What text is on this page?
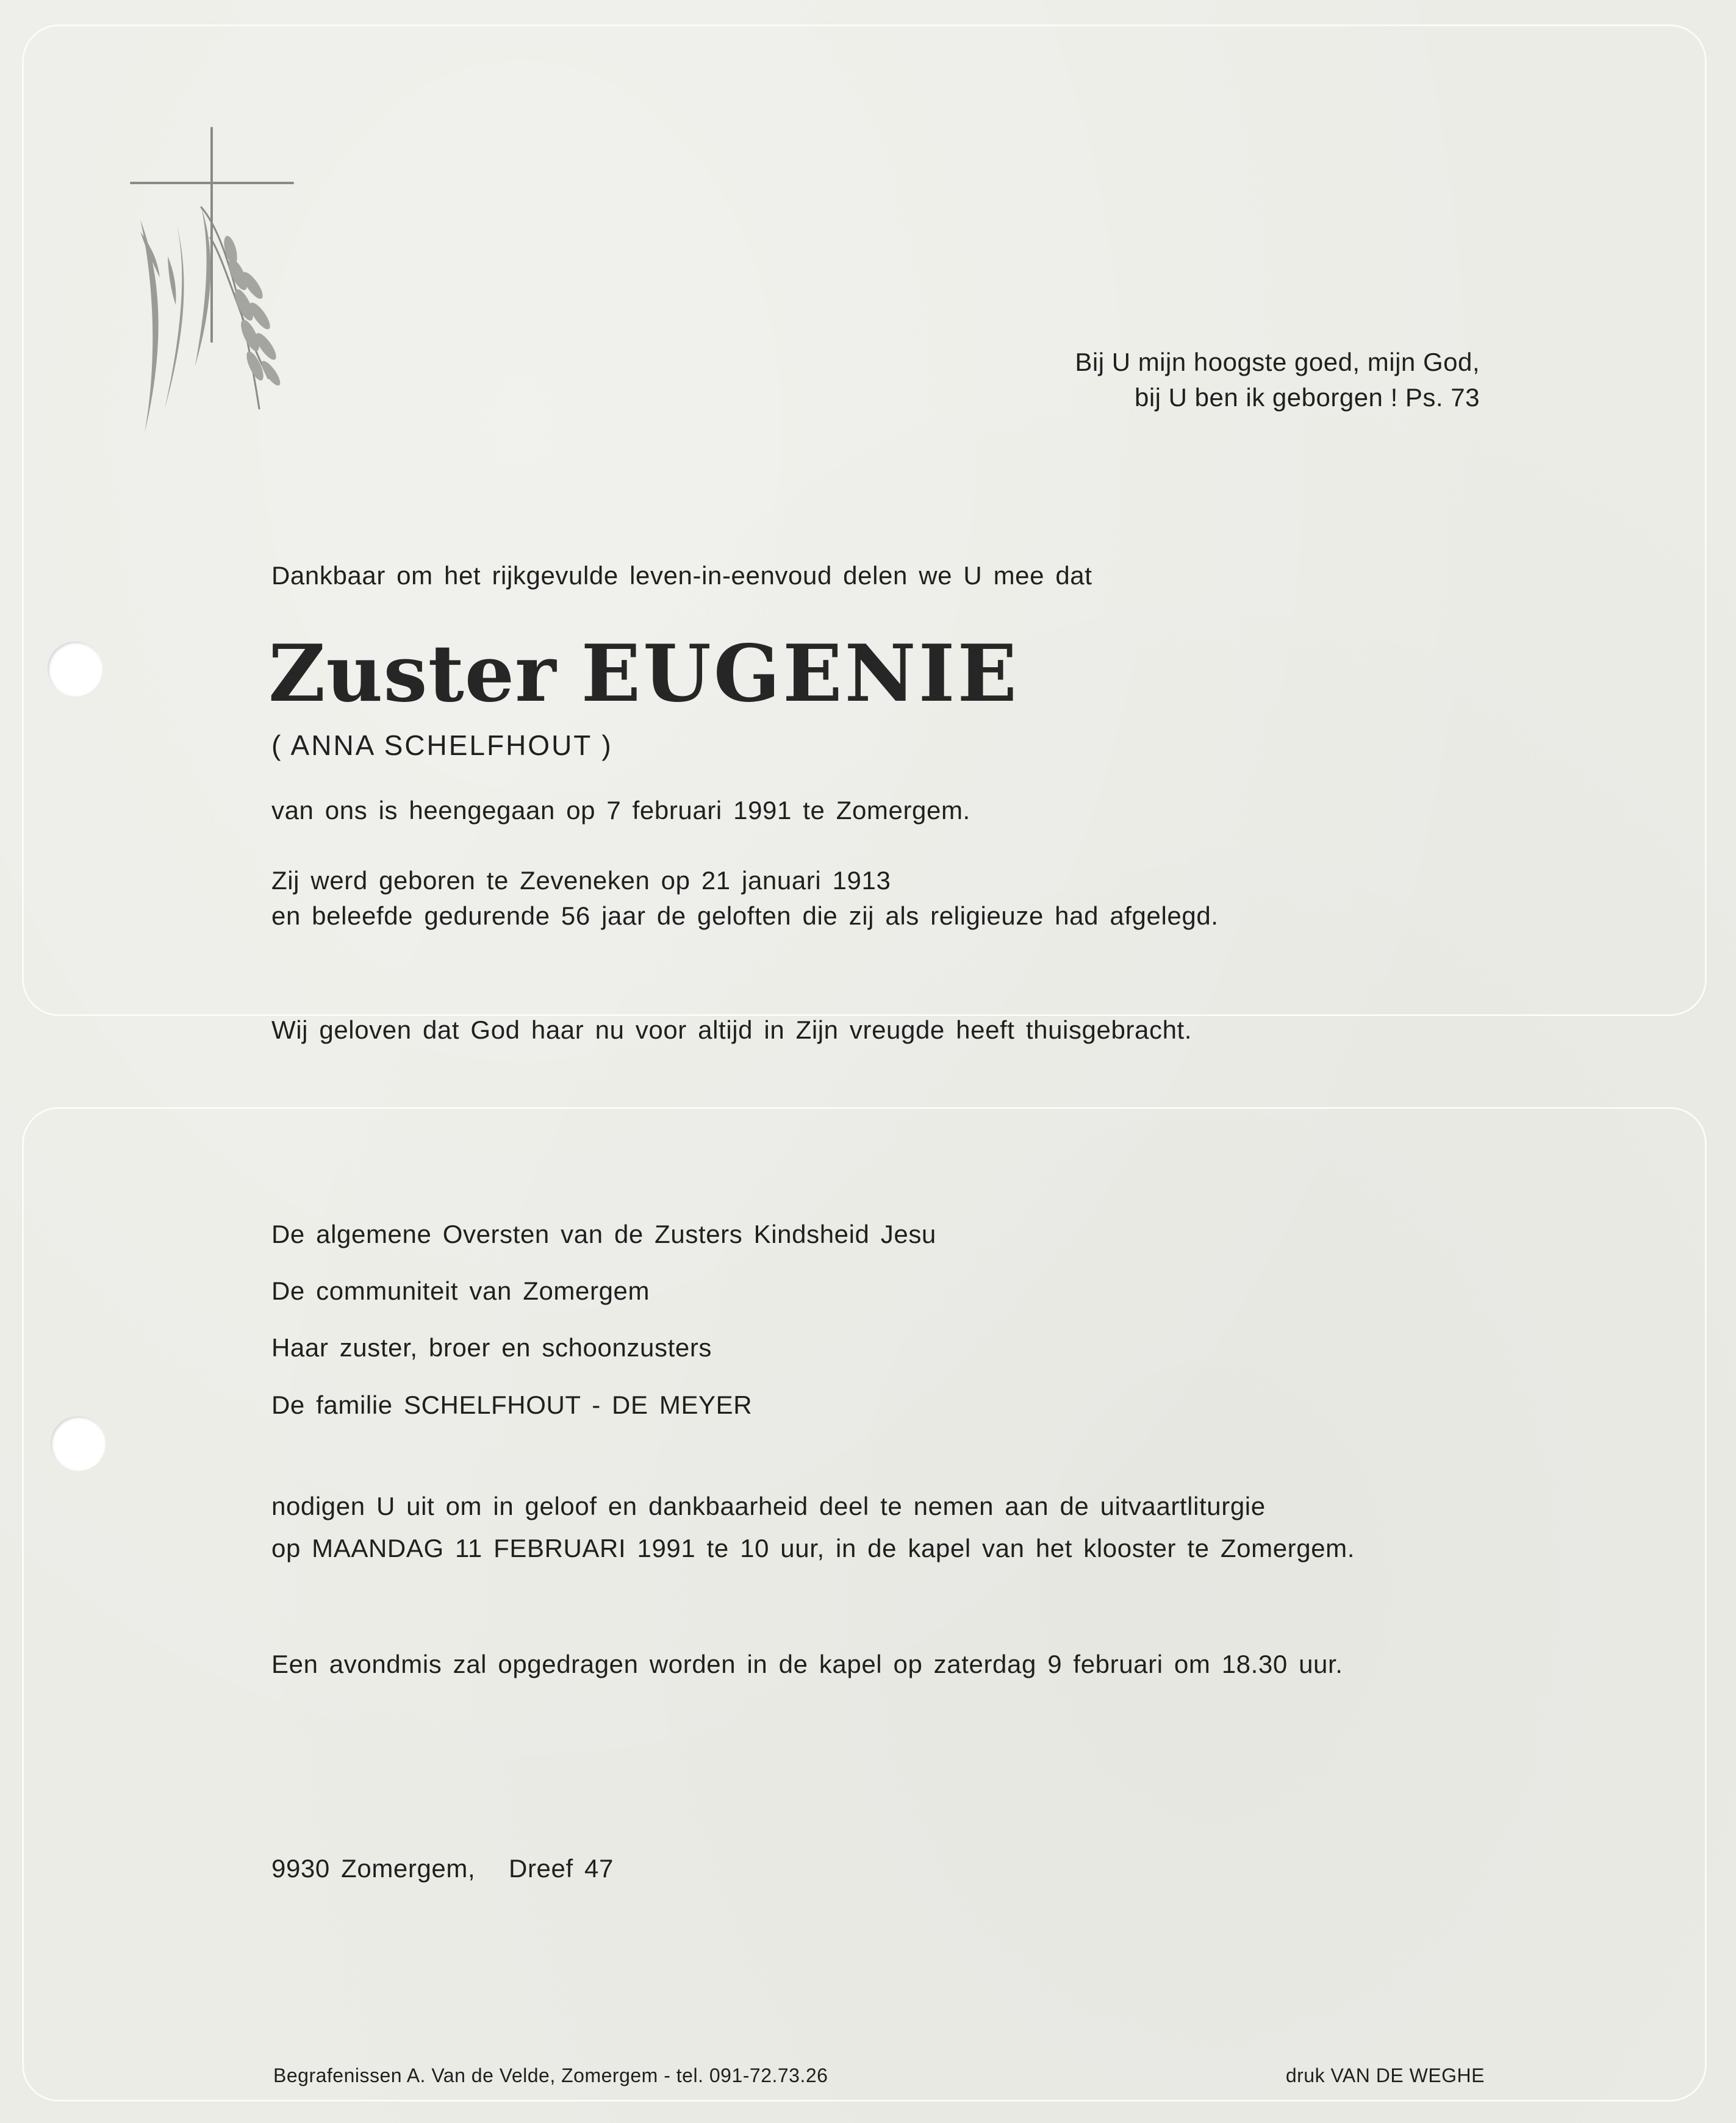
Bij U mijn hoogste goed, mijn God,

bij U ben ik geborgen ! Ps. 73

Dankbaar om het rijkgevulde leven-in-eenvoud delen we U mee dat

Zuster EUGENIE

( ANNA SCHELFHOUT )

van ons is heengegaan op 7 februari 1991 te Zomergem.

Zij werd geboren te Zeveneken op 21 januari 1913

en beleefde gedurende 56 jaar de geloften die zij als religieuze had afgelegd.

Wij geloven dat God haar nu voor altijd in Zijn vreugde heeft thuisgebracht.

De algemene Oversten van de Zusters Kindsheid Jesu

De communiteit van Zomergem

Haar zuster, broer en schoonzusters

De familie SCHELFHOUT - DE MEYER

nodigen U uit om in geloof en dankbaarheid deel te nemen aan de uitvaartliturgie

op MAANDAG 11 FEBRUARI 1991 te 10 uur, in de kapel van het klooster te Zomergem.

Een avondmis zal opgedragen worden in de kapel op zaterdag 9 februari om 18.30 uur.

9930 Zomergem,   Dreef 47

Begrafenissen A. Van de Velde, Zomergem - tel. 091-72.73.26	druk VAN DE WEGHE
